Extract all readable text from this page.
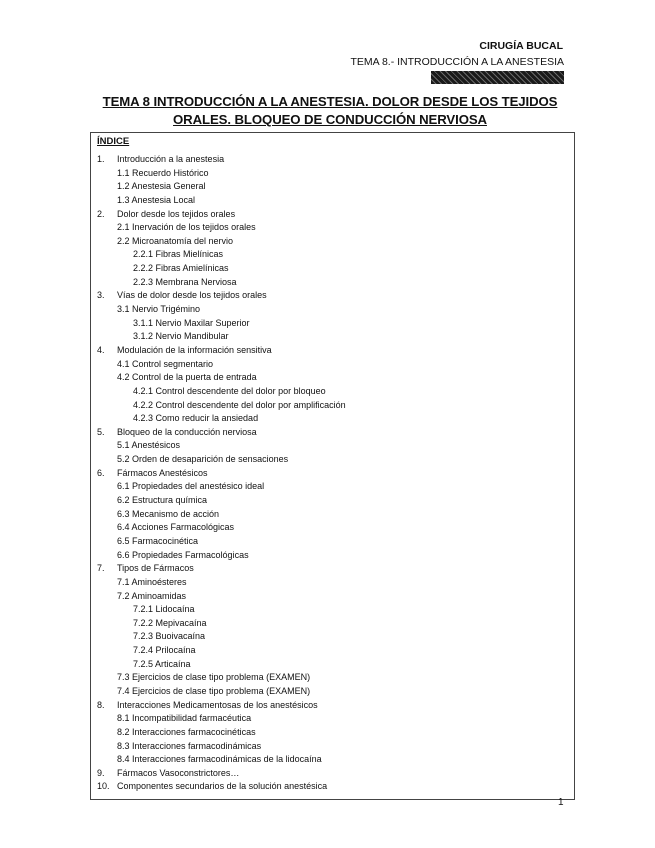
CIRUGÍA BUCAL
TEMA 8.- INTRODUCCIÓN A LA ANESTESIA
TEMA 8 INTRODUCCIÓN A LA ANESTESIA. DOLOR DESDE LOS TEJIDOS
ORALES. BLOQUEO DE CONDUCCIÓN NERVIOSA
ÍNDICE
1. Introducción a la anestesia
1.1 Recuerdo Histórico
1.2 Anestesia General
1.3 Anestesia Local
2. Dolor desde los tejidos orales
2.1 Inervación de los tejidos orales
2.2 Microanatomía del nervio
2.2.1 Fibras Mielínicas
2.2.2 Fibras Amielínicas
2.2.3 Membrana Nerviosa
3. Vías de dolor desde los tejidos orales
3.1 Nervio Trigémino
3.1.1 Nervio Maxilar Superior
3.1.2 Nervio Mandibular
4. Modulación de la información sensitiva
4.1 Control segmentario
4.2 Control de la puerta de entrada
4.2.1 Control descendente del dolor por bloqueo
4.2.2 Control descendente del dolor por amplificación
4.2.3 Como reducir la ansiedad
5. Bloqueo de la conducción nerviosa
5.1 Anestésicos
5.2 Orden de desaparición de sensaciones
6. Fármacos Anestésicos
6.1 Propiedades del anestésico ideal
6.2 Estructura química
6.3 Mecanismo de acción
6.4 Acciones Farmacológicas
6.5 Farmacocinética
6.6 Propiedades Farmacológicas
7. Tipos de Fármacos
7.1 Aminoésteres
7.2 Aminoamidas
7.2.1 Lidocaína
7.2.2 Mepivacaína
7.2.3 Buoivacaína
7.2.4 Prilocaína
7.2.5 Articaína
7.3 Ejercicios de clase tipo problema (EXAMEN)
7.4 Ejercicios de clase tipo problema (EXAMEN)
8. Interacciones Medicamentosas de los anestésicos
8.1 Incompatibilidad farmacéutica
8.2 Interacciones farmacocinéticas
8.3 Interacciones farmacodinámicas
8.4 Interacciones farmacodinámicas de la lidocaína
9. Fármacos Vasoconstrictores…
10. Componentes secundarios de la solución anestésica
1
